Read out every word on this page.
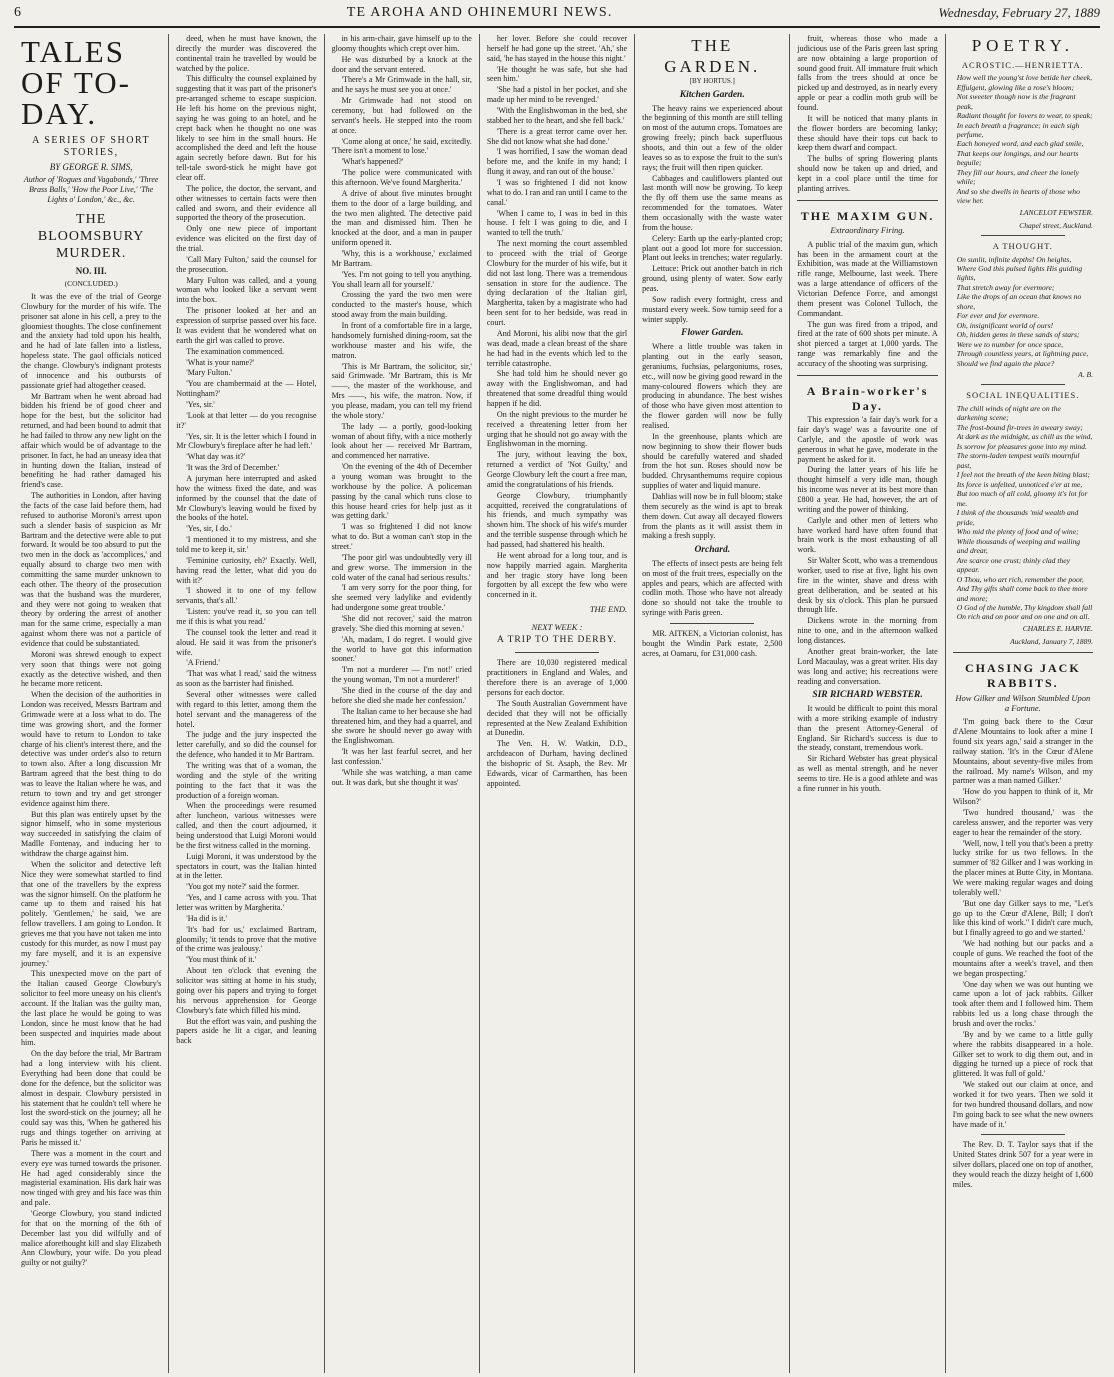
6	TE AROHA AND OHINEMURI NEWS.	Wednesday, February 27, 1889
TALES OF TO-DAY.
A SERIES OF SHORT STORIES,
BY GEORGE R. SIMS,
Author of 'Rogues and Vagabonds,' 'Three Brass Balls,' 'How the Poor Live,' 'The Lights o' London,' &c., &c.
THE BLOOMSBURY MURDER.
NO. III.
(CONCLUDED.)

It was the eve of the trial of George Clowbury for the murder of his wife. The prisoner sat alone in his cell, a prey to the gloomiest thoughts. The close confinement and the anxiety had told upon his health, and he had of late fallen into a listless, hopeless state. The gaol officials noticed the change. Clowbury's indignant protests of innocence and his outbursts of passionate grief had altogether ceased.

Mr Bartram when he went abroad had bidden his friend be of good cheer and hope for the best, but the solicitor had returned, and had been bound to admit that he had failed to throw any new light on the affair which would be of advantage to the prisoner. In fact, he had an uneasy idea that in hunting down the Italian, instead of benefiting he had rather damaged his friend's case.

The authorities in London, after having the facts of the case laid before them, had refused to authorise Moroni's arrest upon such a slender basis of suspicion as Mr Bartram and the detective were able to put forward. It would be too absurd to put the two men in the dock as 'accomplices,' and equally absurd to charge two men with committing the same murder unknown to each other. The theory of the prosecution was that the husband was the murderer, and they were not going to weaken that theory by ordering the arrest of another man for the same crime, especially a man against whom there was not a particle of evidence that could be substantiated.

Moroni was shrewd enough to expect very soon that things were not going exactly as the detective wished, and then he became more reticent.

When the decision of the authorities in London was received, Messrs Bartram and Grimwade were at a loss what to do. The time was growing short, and the former would have to return to London to take charge of his client's interest there, and the detective was under order's also to return to town also. After a long discussion Mr Bartram agreed that the best thing to do was to leave the Italian where he was, and return to town and try and get stronger evidence against him there.

But this plan was entirely upset by the signor himself, who in some mysterious way succeeded in satisfying the claim of Madlle Fontenay, and inducing her to withdraw the charge against him.

When the solicitor and detective left Nice they were somewhat startled to find that one of the travellers by the express was the signor himself. On the platform he came up to them and raised his hat politely. 'Gentlemen,' he said, 'we are fellow travellers. I am going to London. It grieves me that you have not taken me into custody for this murder, as now I must pay my fare myself, and it is an expensive journey.'

This unexpected move on the part of the Italian caused George Clowbury's solicitor to feel more uneasy on his client's account. If the Italian was the guilty man, the last place he would be going to was London, since he must know that he had been suspected and inquiries made about him.

On the day before the trial, Mr Bartram had a long interview with his client. Everything had been done that could be done for the defence, but the solicitor was almost in despair. Clowbury persisted in his statement that he couldn't tell where he lost the sword-stick on the journey; all he could say was this, 'When he gathered his rugs and things together on arriving at Paris he missed it.'

There was a moment in the court and every eye was turned towards the prisoner. He had aged considerably since the magisterial examination. His dark hair was now tinged with grey and his face was thin and pale.

'George Clowbury, you stand indicted for that on the morning of the 6th of December last you did wilfully and of malice aforethought kill and slay Elizabeth Ann Clowbury, your wife. Do you plead guilty or not guilty?'

deed, when he must have known, the directly the murder was discovered the continental train he travelled by would be watched by the police.

This difficulty the counsel explained by suggesting that it was part of the prisoner's pre-arranged scheme to escape suspicion. He left his home on the previous night, saying he was going to an hotel, and he crept back when he thought no one was likely to see him in the small hours. He accomplished the deed and left the house again secretly before dawn. But for his tell-tale sword-stick he might have got clear off.

The police, the doctor, the servant, and other witnesses to certain facts were then called and sworn, and their evidence all supported the theory of the prosecution.

Only one new piece of important evidence was elicited on the first day of the trial.

'Call Mary Fulton,' said the counsel for the prosecution.

Mary Fulton was called, and a young woman who looked like a servant went into the box.

The prisoner looked at her and an expression of surprise passed over his face. It was evident that he wondered what on earth the girl was called to prove.

The examination commenced.

'What is your name?'

'Mary Fulton.'

'You are chambermaid at the — Hotel, Nottingham?'

'Yes, sir.'

'Look at that letter — do you recognise it?'

'Yes, sir. It is the letter which I found in Mr Clowbury's fireplace after he had left.'

'What day was it?'

'It was the 3rd of December.'

A juryman here interrupted and asked how the witness fixed the date, and was informed by the counsel that the date of Mr Clowbury's leaving would be fixed by the books of the hotel.

'Yes, sir, I do.'

'I mentioned it to my mistress, and she told me to keep it, sir.'

'Feminine curiosity, eh?' Exactly. Well, having read the letter, what did you do with it?'

'I showed it to one of my fellow servants, that's all.'

'Listen: you've read it, so you can tell me if this is what you read.'

The counsel took the letter and read it aloud. He said it was from the prisoner's wife.

'A Friend.'

'That was what I read,' said the witness as soon as the barrister had finished.

Several other witnesses were called with regard to this letter, among them the hotel servant and the manageress of the hotel.

The judge and the jury inspected the letter carefully, and so did the counsel for the defence, who handed it to Mr Bartram.

The writing was that of a woman, the wording and the style of the writing pointing to the fact that it was the production of a foreign woman.

When the proceedings were resumed after luncheon, various witnesses were called, and then the court adjourned, it being understood that Luigi Moroni would be the first witness called in the morning.

Luigi Moroni, it was understood by the spectators in court, was the Italian hinted at in the letter.

'You got my note?' said the former.

'Yes, and I came across with you. That letter was written by Margherita.'

'Ha did is it.'

'It's bad for us,' exclaimed Bartram, gloomily; 'it tends to prove that the motive of the crime was jealousy.'

'You must think of it.'

About ten o'clock that evening the solicitor was sitting at home in his study, going over his papers and trying to forget his nervous apprehension for George Clowbury's fate which filled his mind.

But the effort was vain, and pushing the papers aside he lit a cigar, and leaning back

in his arm-chair, gave himself up to the gloomy thoughts which crept over him.

He was disturbed by a knock at the door and the servant entered.

'There's a Mr Grimwade in the hall, sir, and he says he must see you at once.'

Mr Grimwade had not stood on ceremony, but had followed on the servant's heels. He stepped into the room at once.

'Come along at once,' he said, excitedly. 'There isn't a moment to lose.'

'What's happened?'

'The police were communicated with this afternoon. We've found Margherita.'

A drive of about five minutes brought them to the door of a large building, and the two men alighted. The detective paid the man and dismissed him. Then he knocked at the door, and a man in pauper uniform opened it.

'Why, this is a workhouse,' exclaimed Mr Bartram.

'Yes. I'm not going to tell you anything. You shall learn all for yourself.'

Crossing the yard the two men were conducted to the master's house, which stood away from the main building.

In front of a comfortable fire in a large, handsomely furnished dining-room, sat the workhouse master and his wife, the matron.

'This is Mr Bartram, the solicitor, sir,' said Grimwade. 'Mr Bartram, this is Mr ——, the master of the workhouse, and Mrs ——, his wife, the matron. Now, if you please, madam, you can tell my friend the whole story.'

The lady — a portly, good-looking woman of about fifty, with a nice motherly look about her — received Mr Bartram, and commenced her narrative.

'On the evening of the 4th of December a young woman was brought to the workhouse by the police. A policeman passing by the canal which runs close to this house heard cries for help just as it was getting dark.'

'I was so frightened I did not know what to do. But a woman can't stop in the street.'

'The poor girl was undoubtedly very ill and grew worse. The immersion in the cold water of the canal had serious results.'

'I am very sorry for the poor thing, for she seemed very ladylike and evidently had undergone some great trouble.'

'She did not recover,' said the matron gravely. 'She died this morning at seven.'

'Ah, madam, I do regret. I would give the world to have got this information sooner.'

'I'm not a murderer — I'm not!' cried the young woman, 'I'm not a murderer!'

'She died in the course of the day and before she died she made her confession.'

The Italian came to her because she had threatened him, and they had a quarrel, and she swore he should never go away with the Englishwoman.

'It was her last fearful secret, and her last confession.'

'While she was watching, a man came out. It was dark, but she thought it was'

her lover. Before she could recover herself he had gone up the street. 'Ah,' she said, 'he has stayed in the house this night.'

'He thought he was safe, but she had seen him.'

'She had a pistol in her pocket, and she made up her mind to be revenged.'

'With the Englishwoman in the bed, she stabbed her to the heart, and she fell back.'

'There is a great terror came over her. She did not know what she had done.'

'I was horrified, I saw the woman dead before me, and the knife in my hand; I flung it away, and ran out of the house.'

'I was so frightened I did not know what to do. I ran and ran until I came to the canal.'

'When I came to, I was in bed in this house. I felt I was going to die, and I wanted to tell the truth.'

The next morning the court assembled to proceed with the trial of George Clowbury for the murder of his wife, but it did not last long. There was a tremendous sensation in store for the audience. The dying declaration of the Italian girl, Margherita, taken by a magistrate who had been sent for to her bedside, was read in court.

And Moroni, his alibi now that the girl was dead, made a clean breast of the share he had had in the events which led to the terrible catastrophe.

She had told him he should never go away with the Englishwoman, and had threatened that some dreadful thing would happen if he did.

On the night previous to the murder he received a threatening letter from her urging that he should not go away with the Englishwoman in the morning.

The jury, without leaving the box, returned a verdict of 'Not Guilty,' and George Clowbury left the court a free man, amid the congratulations of his friends.

George Clowbury, triumphantly acquitted, received the congratulations of his friends, and much sympathy was shown him. The shock of his wife's murder and the terrible suspense through which he had passed, had shattered his health.

He went abroad for a long tour, and is now happily married again. Margherita and her tragic story have long been forgotten by all except the few who were concerned in it.

THE END.
NEXT WEEK :
A TRIP TO THE DERBY.

There are 10,030 registered medical practitioners in England and Wales, and therefore there is an average of 1,000 persons for each doctor.

The South Australian Government have decided that they will not be officially represented at the New Zealand Exhibition at Dunedin.

The Ven. H. W. Watkin, D.D., archdeacon of Durham, having declined the bishopric of St. Asaph, the Rev. Mr Edwards, vicar of Carmarthen, has been appointed.

THE GARDEN.
[BY HORTUS.]
Kitchen Garden.

The heavy rains we experienced about the beginning of this month are still telling on most of the autumn crops. Tomatoes are growing freely; pinch back superfluous shoots, and thin out a few of the older leaves so as to expose the fruit to the sun's rays; the fruit will then ripen quicker.

Cabbages and cauliflowers planted out last month will now be growing. To keep the fly off them use the same means as recommended for the tomatoes. Water them occasionally with the waste water from the house.

Celery: Earth up the early-planted crop; plant out a good lot more for succession. Plant out leeks in trenches; water regularly.

Lettuce: Prick out another batch in rich ground, using plenty of water. Sow early peas.

Sow radish every fortnight, cress and mustard every week. Sow turnip seed for a winter supply.

Flower Garden.

Where a little trouble was taken in planting out in the early season, geraniums, fuchsias, pelargoniums, roses, etc., will now be giving good reward in the many-coloured flowers which they are producing in abundance. The best wishes of those who have given most attention to the flower garden will now be fully realised.

In the greenhouse, plants which are now beginning to show their flower buds should be carefully watered and shaded from the hot sun. Roses should now be budded. Chrysanthemums require copious supplies of water and liquid manure.

Dahlias will now be in full bloom; stake them securely as the wind is apt to break them down. Cut away all decayed flowers from the plants as it will assist them in making a fresh supply.

Orchard.

The effects of insect pests are being felt on most of the fruit trees, especially on the apples and pears, which are affected with codlin moth. Those who have not already done so should not take the trouble to syringe with Paris green.

MR. AITKEN, a Victorian colonist, has bought the Windin Park estate, 2,500 acres, at Oamaru, for £31,000 cash.

fruit, whereas those who made a judicious use of the Paris green last spring are now obtaining a large proportion of sound good fruit. All immature fruit which falls from the trees should at once be picked up and destroyed, as in nearly every apple or pear a codlin moth grub will be found.

It will be noticed that many plants in the flower borders are becoming lanky; these should have their tops cut back to keep them dwarf and compact.

The bulbs of spring flowering plants should now be taken up and dried, and kept in a cool place until the time for planting arrives.

THE MAXIM GUN.
Extraordinary Firing.

A public trial of the maxim gun, which has been in the armament court at the Exhibition, was made at the Williamstown rifle range, Melbourne, last week. There was a large attendance of officers of the Victorian Defence Force, and amongst them present was Colonel Tulloch, the Commandant.

The gun was fired from a tripod, and fired at the rate of 600 shots per minute. A shot pierced a target at 1,000 yards. The range was remarkably fine and the accuracy of the shooting was surprising.

A Brain-worker's Day.

This expression 'a fair day's work for a fair day's wage' was a favourite one of Carlyle, and the apostle of work was generous in what he gave, moderate in the payment he asked for it.

During the latter years of his life he thought himself a very idle man, though his income was never at its best more than £800 a year. He had, however, the art of writing and the power of thinking.

Carlyle and other men of letters who have worked hard have often found that brain work is the most exhausting of all work.

Sir Walter Scott, who was a tremendous worker, used to rise at five, light his own fire in the winter, shave and dress with great deliberation, and be seated at his desk by six o'clock. This plan he pursued through life.

Dickens wrote in the morning from nine to one, and in the afternoon walked long distances.

Another great brain-worker, the late Lord Macaulay, was a great writer. His day was long and active; his recreations were reading and conversation.

SIR RICHARD WEBSTER.

It would be difficult to point this moral with a more striking example of industry than the present Attorney-General of England. Sir Richard's success is due to the steady, constant, tremendous work.

Sir Richard Webster has great physical as well as mental strength, and he never seems to tire. He is a good athlete and was a fine runner in his youth.

POETRY.
ACROSTIC.—HENRIETTA.
How well the young'st love betide her cheek,
Effulgent, glowing like a rose's bloom;
Not sweeter though now is the fragrant peak,
Radiant thought for lovers to wear, to speak;
In each breath a fragrance; in each sigh perfume,
Each honeyed word, and each glad smile,
That keeps our longings, and our hearts beguile;
They fill our hours, and cheer the lonely while;
And so she dwells in hearts of those who view her.
LANCELOT FEWSTER.
Chapel street, Auckland.
A THOUGHT.
On sunlit, infinite depths! On heights,
Where God this pulsed lights His guiding lights,
That stretch away for evermore;
Like the drops of an ocean that knows no shore,
For ever and for evermore.
Oh, insignificant world of ours!
Oh, hidden gems in these sands of stars;
Were we to number for once space,
Through countless years, at lightning pace,
Should we find again the place?
A. B.
SOCIAL INEQUALITIES.
The chill winds of night are on the darkening scene;
The frost-bound fir-trees in aweary sway;
At dark as the midnight, as chill as the wind,
Is sorrow for pleasures gone into my mind.
The storm-laden tempest wails mournful past,
I feel not the breath of the keen biting blast;
Its force is unfelted, unnoticed e'er at me,
But too much of all cold, gloomy it's lot for me.
I think of the thousands 'mid wealth and pride,
Who mid the plenty of food and of wine;
While thousands of weeping and wailing and drear,
Are scarce one crust; thinly clad they appear.
O Thou, who art rich, remember the poor,
And Thy gifts shall come back to thee more and more;
O God of the humble, Thy kingdom shall fall
On rich and on poor and on one and on all.
CHARLES E. HARVIE.
Auckland, January 7, 1889.
CHASING JACK RABBITS.
How Gilker and Wilson Stumbled Upon a Fortune.

'I'm going back there to the Cœur d'Alene Mountains to look after a mine I found six years ago,' said a stranger in the railway station. 'It's in the Cœur d'Alene Mountains, about seventy-five miles from the railroad. My name's Wilson, and my partner was a man named Gilker.'

'How do you happen to think of it, Mr Wilson?'

'Two hundred thousand,' was the careless answer, and the reporter was very eager to hear the remainder of the story.

'Well, now, I tell you that's been a pretty lucky strike for us two fellows. In the summer of '82 Gilker and I was working in the placer mines at Butte City, in Montana. We were making regular wages and doing tolerably well.'

'But one day Gilker says to me, "Let's go up to the Cœur d'Alene, Bill; I don't like this kind of work." I didn't care much, but I finally agreed to go and we started.'

'We had nothing but our packs and a couple of guns. We reached the foot of the mountains after a week's travel, and then we began prospecting.'

'One day when we was out hunting we came upon a lot of jack rabbits. Gilker took after them and I followed him. Them rabbits led us a long chase through the brush and over the rocks.'

'By and by we came to a little gully where the rabbits disappeared in a hole. Gilker set to work to dig them out, and in digging he turned up a piece of rock that glittered. It was full of gold.'

'We staked out our claim at once, and worked it for two years. Then we sold it for two hundred thousand dollars, and now I'm going back to see what the new owners have made of it.'

The Rev. D. T. Taylor says that if the United States drink 507 for a year were in silver dollars, placed one on top of another, they would reach the dizzy height of 1,600 miles.
